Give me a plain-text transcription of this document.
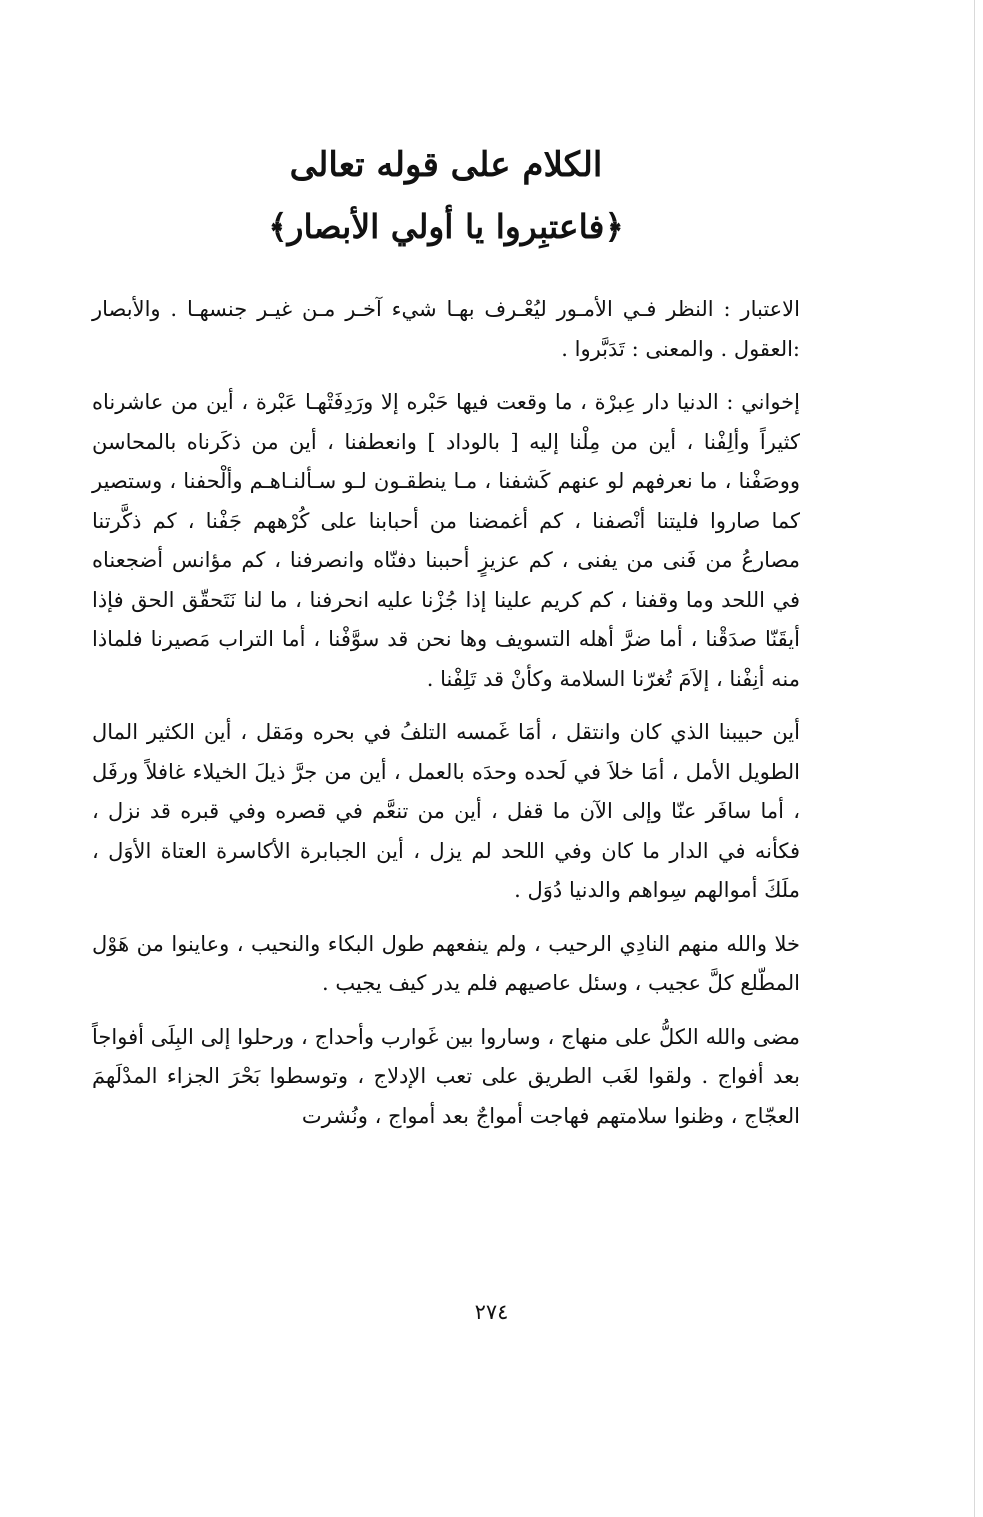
الكلام على قوله تعالى
﴿فاعتبِروا يا أولي الأبصار﴾

الاعتبار : النظر فـي الأمـور ليُعْـرف بهـا شيء آخـر مـن غيـر جنسهـا . والأبصار :العقول . والمعنى : تَدَبَّروا .

إخواني : الدنيا دار عِبرْة ، ما وقعت فيها حَبْره إلا ورَدِفَتْهـا عَبْرة ، أين من عاشرناه كثيراً وألِفْنا ، أين من مِلْنا إليه [ بالوداد ] وانعطفنا ، أين من ذكَرناه بالمحاسن ووصَفْنا ، ما نعرفهم لو عنهم كَشفنا ، مـا ينطقـون لـو سـألنـاهـم وألْحفنا ، وستصير كما صاروا فليتنا أنْصفنا ، كم أغمضنا من أحبابنا على كُرْههم جَفْنا ، كم ذكَّرتنا مصارعُ من فَنى من يفنى ، كم عزيزٍ أحببنا دفنّاه وانصرفنا ، كم مؤانس أضجعناه في اللحد وما وقفنا ، كم كريم علينا إذا جُزْنا عليه انحرفنا ، ما لنا نَتَحقّق الحق فإذا أيقَنّا صدَقْنا ، أما ضرَّ أهله التسويف وها نحن قد سوَّفْنا ، أما التراب مَصيرنا فلماذا منه أنِفْنا ، إلاَمَ تُغرّنا السلامة وكأنْ قد تَلِفْنا .

أين حبيبنا الذي كان وانتقل ، أمَا غَمسه التلفُ في بحره ومَقل ، أين الكثير المال الطويل الأمل ، أمَا خلاَ في لَحده وحدَه بالعمل ، أين من جرَّ ذيلَ الخيلاء غافلاً ورفَل ، أما سافَر عنّا وإلى الآن ما قفل ، أين من تنعَّم في قصره وفي قبره قد نزل ، فكأنه في الدار ما كان وفي اللحد لم يزل ، أين الجبابرة الأكاسرة العتاة الأوَل ، ملَكَ أموالهم سِواهم والدنيا دُوَل .

خلا والله منهم النادِي الرحيب ، ولم ينفعهم طول البكاء والنحيب ، وعاينوا من هَوْل المطّلع كلَّ عجيب ، وسئل عاصيهم فلم يدر كيف يجيب .

مضى والله الكلُّ على منهاج ، وساروا بين غَوارب وأحداج ، ورحلوا إلى البِلَى أفواجاً بعد أفواج . ولقوا لغَب الطريق على تعب الإدلاج ، وتوسطوا بَحْرَ الجزاء المدْلَهمَ العجّاج ، وظنوا سلامتهم فهاجت أمواجٌ بعد أمواج ، ونُشرت

٢٧٤
